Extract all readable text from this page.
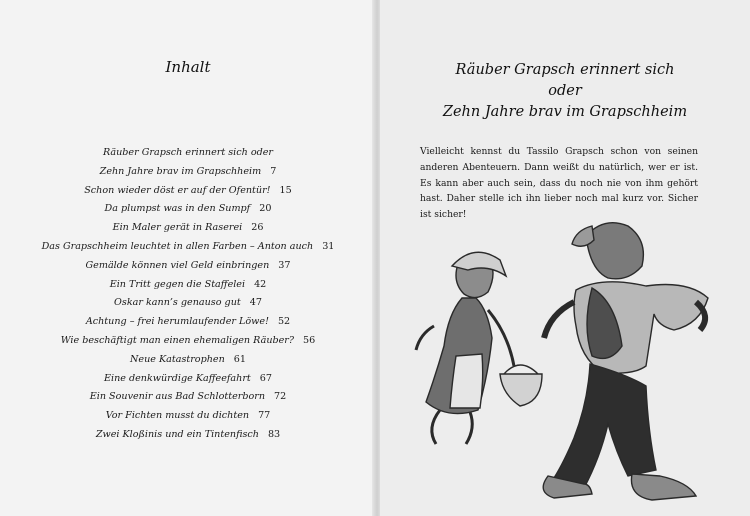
Inhalt
Räuber Grapsch erinnert sich oder
Zehn Jahre brav im Grapschheim 7
Schon wieder döst er auf der Ofentür! 15
Da plumpst was in den Sumpf 20
Ein Maler gerät in Raserei 26
Das Grapschheim leuchtet in allen Farben – Anton auch 31
Gemälde können viel Geld einbringen 37
Ein Tritt gegen die Staffelei 42
Oskar kann’s genauso gut 47
Achtung – frei herumlaufender Löwe! 52
Wie beschäftigt man einen ehemaligen Räuber? 56
Neue Katastrophen 61
Eine denkwürdige Kaffeefahrt 67
Ein Souvenir aus Bad Schlotterborn 72
Vor Fichten musst du dichten 77
Zwei Kloßinis und ein Tintenfisch 83
Räuber Grapsch erinnert sich
oder
Zehn Jahre brav im Grapschheim
Vielleicht kennst du Tassilo Grapsch schon von seinen anderen Abenteuern. Dann weißt du natürlich, wer er ist. Es kann aber auch sein, dass du noch nie von ihm gehört hast. Daher stelle ich ihn lieber noch mal kurz vor. Sicher ist sicher!
